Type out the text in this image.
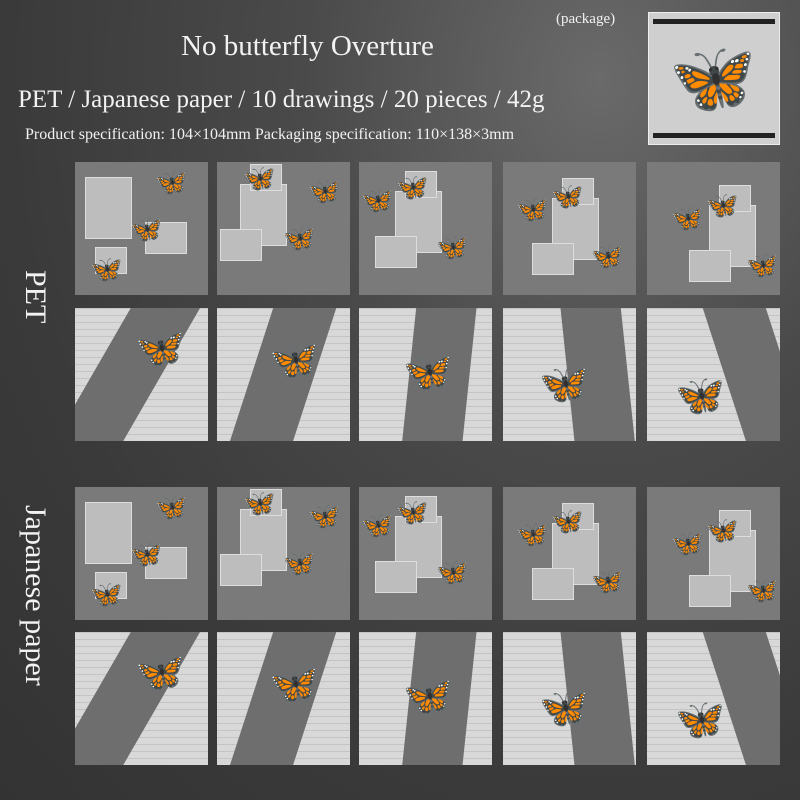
No butterfly Overture
(package)
🦋
PET / Japanese paper / 10 drawings / 20 pieces / 42g
Product specification: 104×104mm Packaging specification: 110×138×3mm
PET
Japanese paper
🦋
🦋
🦋
🦋
🦋
🦋
🦋
🦋
🦋
🦋
🦋
🦋
🦋
🦋
🦋
🦋 🦋 🦋 🦋 🦋
🦋
🦋
🦋
🦋
🦋
🦋
🦋
🦋
🦋
🦋
🦋
🦋
🦋
🦋
🦋
🦋 🦋 🦋 🦋 🦋
